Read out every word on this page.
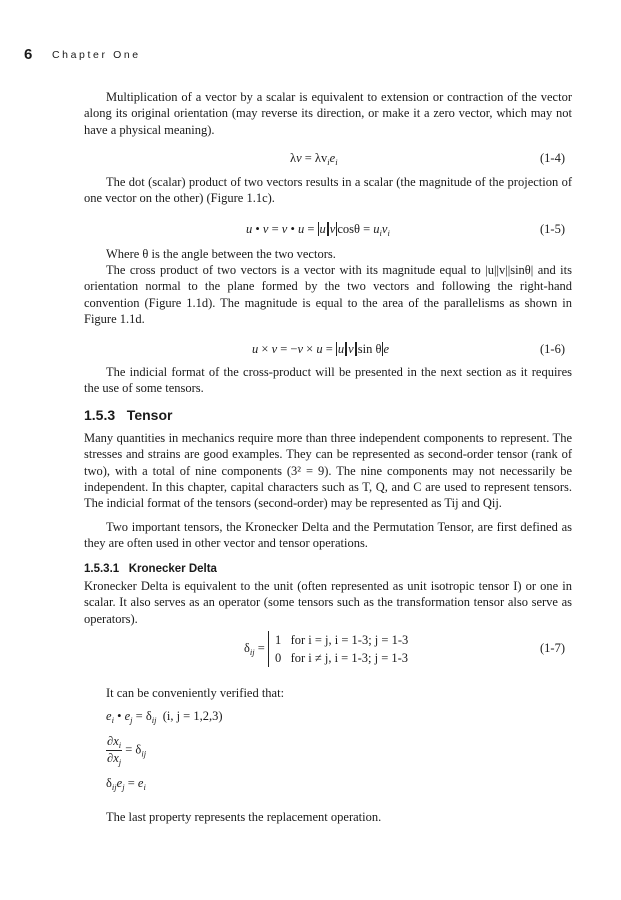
6 Chapter One

Multiplication of a vector by a scalar is equivalent to extension or contraction of the vector along its original orientation (may reverse its direction, or make it a zero vector, which may not have a physical meaning).

$\lambda v = \lambda v_ie_i$	(1-4)

The dot (scalar) product of two vectors results in a scalar (the magnitude of the projection of one vector on the other) (Figure 1.1c).

u • v = v • u = u v $\cos\theta = u_iv_i$	(1-5)

Where θ is the angle between the two vectors.

The cross product of two vectors is a vector with its magnitude equal to |u||v||sinθ| and its orientation normal to the plane formed by the two vectors and following the right-hand convention (Figure 1.1d). The magnitude is equal to the area of the parallelisms as shown in Figure 1.1d.

u × v = −v × u = u v sin θ e	(1-6)

The indicial format of the cross-product will be presented in the next section as it requires the use of some tensors.

1.5.3   Tensor

Many quantities in mechanics require more than three independent components to represent. The stresses and strains are good examples. They can be represented as second-order tensor (rank of two), with a total of nine components (3² = 9). The nine components may not necessarily be independent. In this chapter, capital characters such as T, Q, and C are used to represent tensors. The indicial format of the tensors (second-order) may be represented as Tij and Qij.

Two important tensors, the Kronecker Delta and the Permutation Tensor, are first defined as they are often used in other vector and tensor operations.

1.5.3.1   Kronecker Delta

Kronecker Delta is equivalent to the unit (often represented as unit isotropic tensor I) or one in scalar. It also serves as an operator (some tensors such as the transformation tensor also serve as operators).

$\delta_{ij}$ =
1   for i = j, i = 1-3; j = 1-3
0   for i ≠ j, i = 1-3; j = 1-3
(1-7)

It can be conveniently verified that:

$e_i$ • $e_j = \delta_{ij}$ (i, j = 1,2,3)
$\frac{\partial x_i}{\partial x_j} = \delta_{ij}$
$\delta_{ij}e_j = e_i$

The last property represents the replacement operation.
